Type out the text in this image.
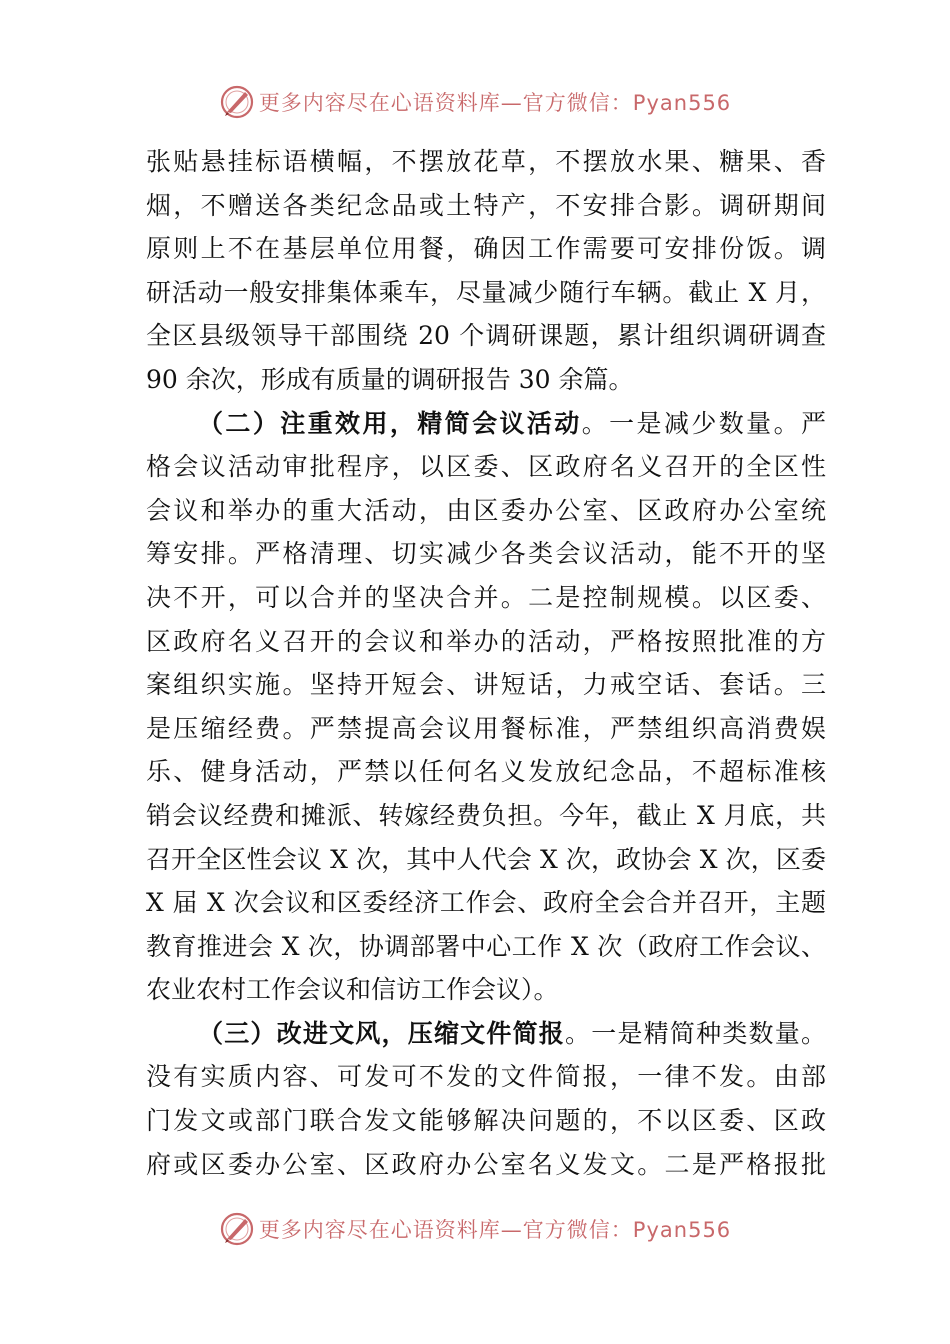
更多内容尽在心语资料库—官方微信：Pyan556
张贴悬挂标语横幅，不摆放花草，不摆放水果、糖果、香
烟，不赠送各类纪念品或土特产，不安排合影。调研期间
原则上不在基层单位用餐，确因工作需要可安排份饭。调
研活动一般安排集体乘车，尽量减少随行车辆。截止 X 月，
全区县级领导干部围绕 20 个调研课题，累计组织调研调查
90 余次，形成有质量的调研报告 30 余篇。
（二）注重效用，精简会议活动。一是减少数量。严
格会议活动审批程序，以区委、区政府名义召开的全区性
会议和举办的重大活动，由区委办公室、区政府办公室统
筹安排。严格清理、切实减少各类会议活动，能不开的坚
决不开，可以合并的坚决合并。二是控制规模。以区委、
区政府名义召开的会议和举办的活动，严格按照批准的方
案组织实施。坚持开短会、讲短话，力戒空话、套话。三
是压缩经费。严禁提高会议用餐标准，严禁组织高消费娱
乐、健身活动，严禁以任何名义发放纪念品，不超标准核
销会议经费和摊派、转嫁经费负担。今年，截止 X 月底，共
召开全区性会议 X 次，其中人代会 X 次，政协会 X 次，区委
X 届 X 次会议和区委经济工作会、政府全会合并召开，主题
教育推进会 X 次，协调部署中心工作 X 次（政府工作会议、
农业农村工作会议和信访工作会议）。
（三）改进文风，压缩文件简报。一是精简种类数量。
没有实质内容、可发可不发的文件简报，一律不发。由部
门发文或部门联合发文能够解决问题的，不以区委、区政
府或区委办公室、区政府办公室名义发文。二是严格报批
更多内容尽在心语资料库—官方微信：Pyan556
